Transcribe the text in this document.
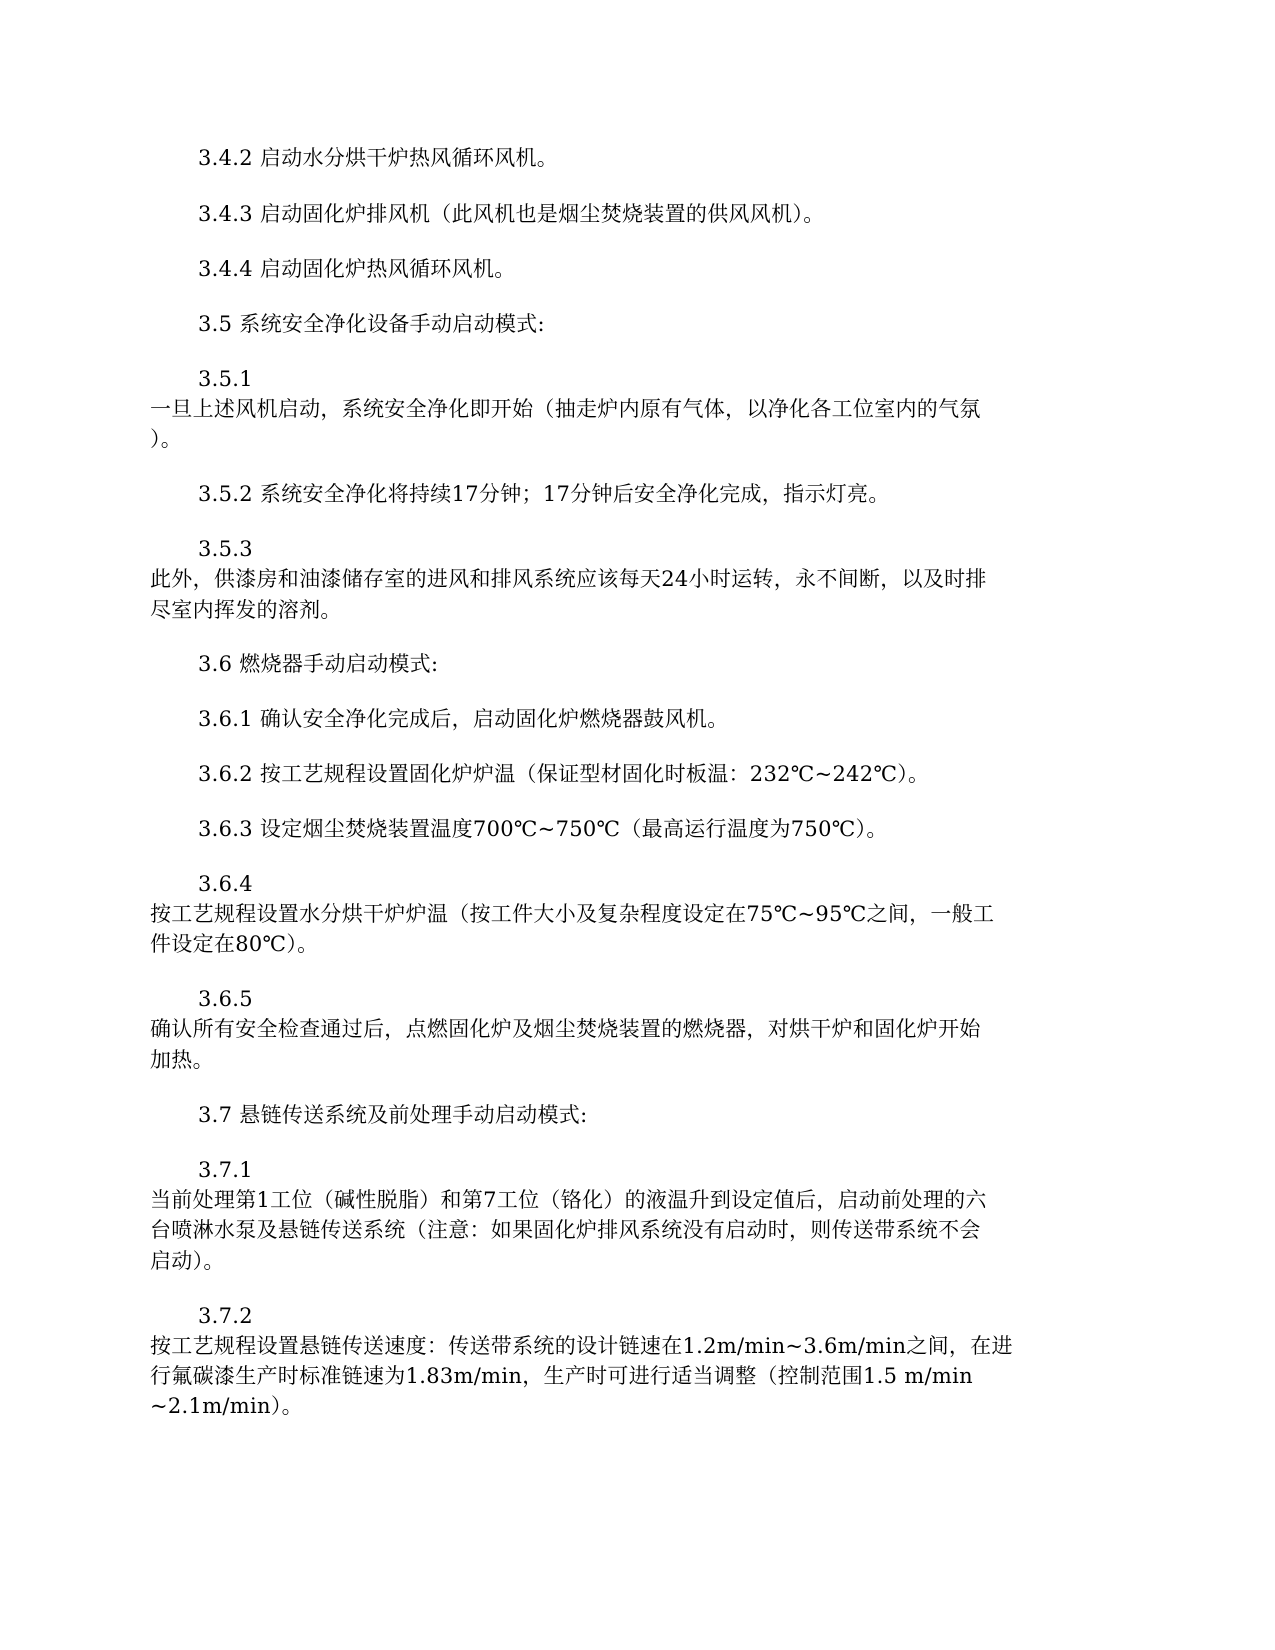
3.4.2 启动水分烘干炉热风循环风机。
3.4.3 启动固化炉排风机（此风机也是烟尘焚烧装置的供风风机）。
3.4.4 启动固化炉热风循环风机。
3.5 系统安全净化设备手动启动模式:
3.5.1
一旦上述风机启动，系统安全净化即开始（抽走炉内原有气体，以净化各工位室内的气氛
）。
3.5.2 系统安全净化将持续17分钟；17分钟后安全净化完成，指示灯亮。
3.5.3
此外，供漆房和油漆储存室的进风和排风系统应该每天24小时运转，永不间断，以及时排
尽室内挥发的溶剂。
3.6 燃烧器手动启动模式:
3.6.1 确认安全净化完成后，启动固化炉燃烧器鼓风机。
3.6.2 按工艺规程设置固化炉炉温（保证型材固化时板温：232℃~242℃）。
3.6.3 设定烟尘焚烧装置温度700℃~750℃（最高运行温度为750℃）。
3.6.4
按工艺规程设置水分烘干炉炉温（按工件大小及复杂程度设定在75℃~95℃之间，一般工
件设定在80℃）。
3.6.5
确认所有安全检查通过后，点燃固化炉及烟尘焚烧装置的燃烧器，对烘干炉和固化炉开始
加热。
3.7 悬链传送系统及前处理手动启动模式:
3.7.1
当前处理第1工位（碱性脱脂）和第7工位（铬化）的液温升到设定值后，启动前处理的六
台喷淋水泵及悬链传送系统（注意：如果固化炉排风系统没有启动时，则传送带系统不会
启动）。
3.7.2
按工艺规程设置悬链传送速度：传送带系统的设计链速在1.2m/min~3.6m/min之间，在进
行氟碳漆生产时标准链速为1.83m/min，生产时可进行适当调整（控制范围1.5 m/min
~2.1m/min）。
